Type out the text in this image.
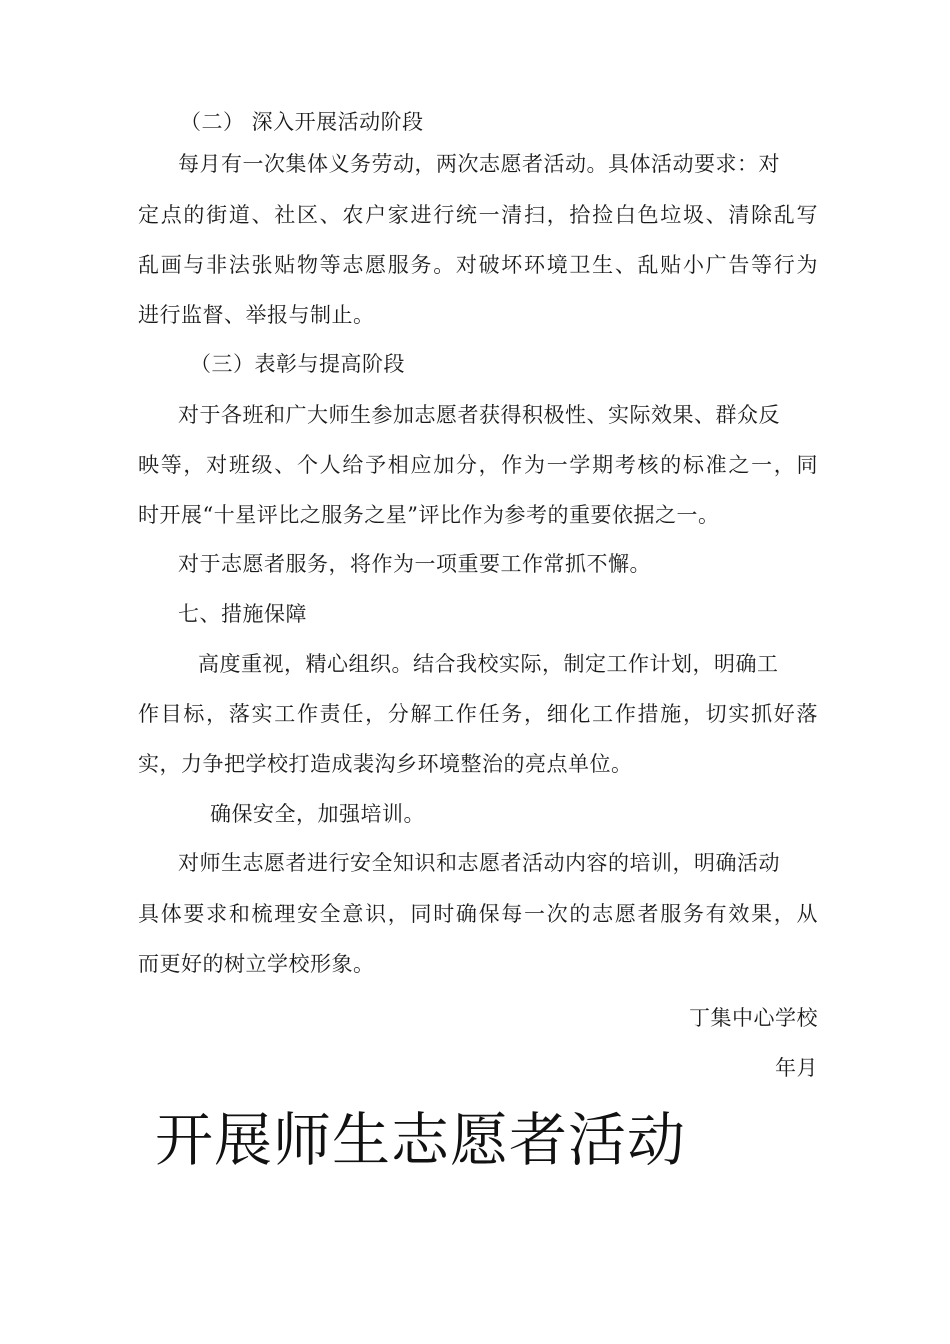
（二） 深入开展活动阶段
每月有一次集体义务劳动，两次志愿者活动。具体活动要求：对
定点的街道、社区、农户家进行统一清扫，拾捡白色垃圾、清除乱写
乱画与非法张贴物等志愿服务。对破坏环境卫生、乱贴小广告等行为
进行监督、举报与制止。
（三）表彰与提高阶段
对于各班和广大师生参加志愿者获得积极性、实际效果、群众反
映等，对班级、个人给予相应加分，作为一学期考核的标准之一，同
时开展“十星评比之服务之星”评比作为参考的重要依据之一。
对于志愿者服务，将作为一项重要工作常抓不懈。
七、措施保障
高度重视，精心组织。结合我校实际，制定工作计划，明确工
作目标，落实工作责任，分解工作任务，细化工作措施，切实抓好落
实，力争把学校打造成裴沟乡环境整治的亮点单位。
确保安全，加强培训。
对师生志愿者进行安全知识和志愿者活动内容的培训，明确活动
具体要求和梳理安全意识，同时确保每一次的志愿者服务有效果，从
而更好的树立学校形象。
丁集中心学校
年月
开展师生志愿者活动
